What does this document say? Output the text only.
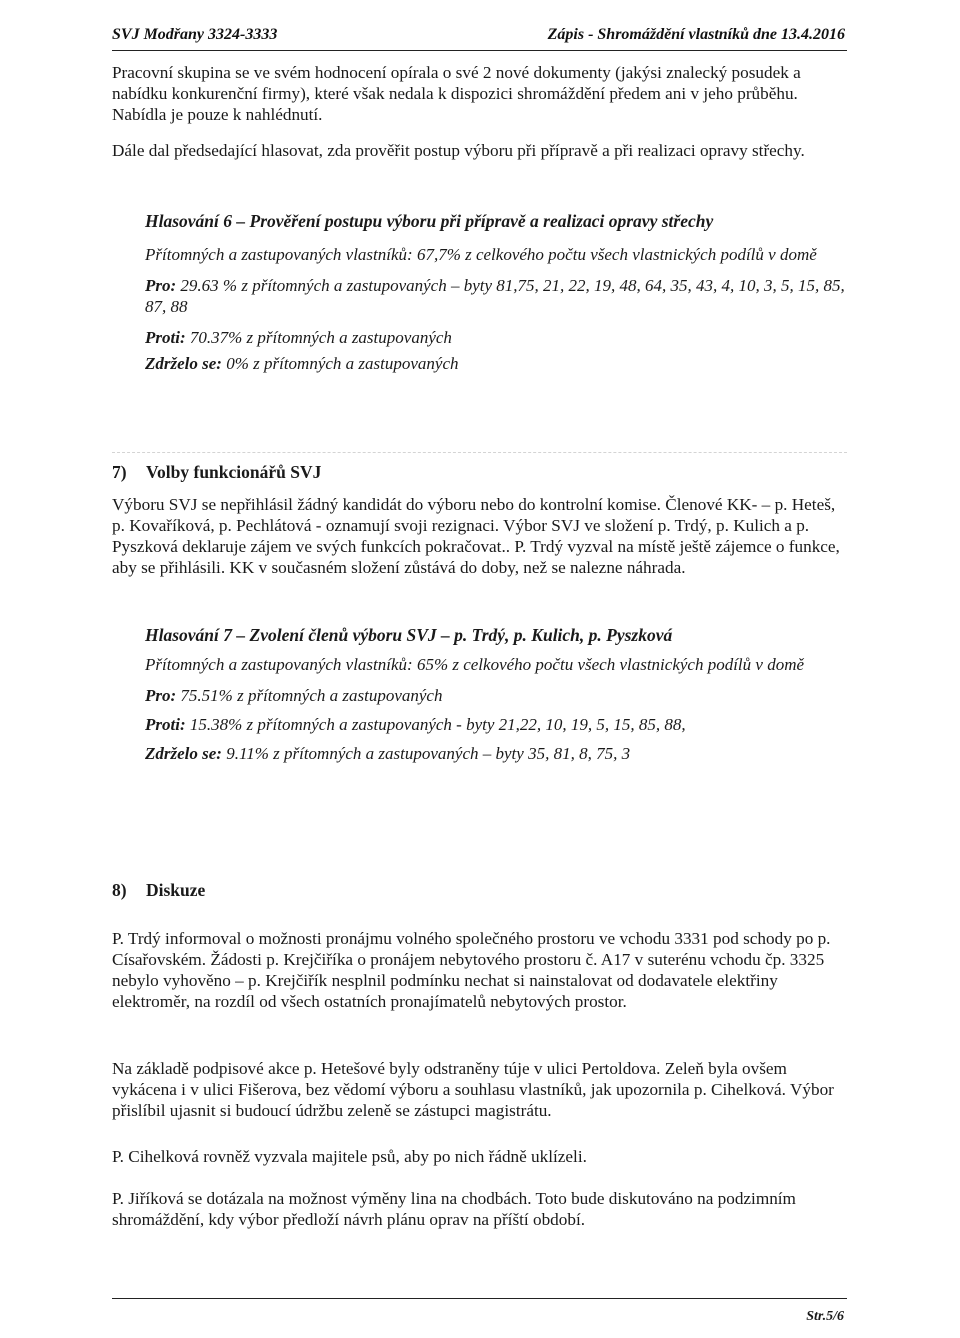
SVJ Modřany 3324-3333	Zápis - Shromáždění vlastníků dne 13.4.2016

Pracovní skupina se ve svém hodnocení opírala o své 2 nové dokumenty (jakýsi znalecký posudek a nabídku konkurenční firmy), které však nedala k dispozici shromáždění předem ani v jeho průběhu. Nabídla je pouze k nahlédnutí.

Dále dal předsedající hlasovat, zda prověřit postup výboru při přípravě a při realizaci opravy střechy.

Hlasování 6 – Prověření postupu výboru při přípravě a realizaci opravy střechy

Přítomných a zastupovaných vlastníků: 67,7% z celkového počtu všech vlastnických podílů v domě

Pro: 29.63 % z přítomných a zastupovaných – byty 81,75, 21, 22, 19, 48, 64, 35, 43, 4, 10, 3, 5, 15, 85, 87, 88

Proti: 70.37% z přítomných a zastupovaných

Zdrželo se: 0% z přítomných a zastupovaných

7) Volby funkcionářů SVJ

Výboru SVJ se nepřihlásil žádný kandidát do výboru nebo do kontrolní komise. Členové KK- – p. Heteš, p. Kovaříková, p. Pechlátová - oznamují svoji rezignaci. Výbor SVJ ve složení p. Trdý, p. Kulich a p. Pyszková deklaruje zájem ve svých funkcích pokračovat.. P. Trdý vyzval na místě ještě zájemce o funkce, aby se přihlásili. KK v současném složení zůstává do doby, než se nalezne náhrada.

Hlasování 7 – Zvolení členů výboru SVJ – p. Trdý, p. Kulich, p. Pyszková

Přítomných a zastupovaných vlastníků: 65% z celkového počtu všech vlastnických podílů v domě

Pro: 75.51% z přítomných a zastupovaných

Proti: 15.38% z přítomných a zastupovaných - byty 21,22, 10, 19, 5, 15, 85, 88,

Zdrželo se: 9.11% z přítomných a zastupovaných – byty 35, 81, 8, 75, 3

8) Diskuze

P. Trdý informoval o možnosti pronájmu volného společného prostoru ve vchodu 3331 pod schody po p. Císařovském. Žádosti p. Krejčiříka o pronájem nebytového prostoru č. A17 v suterénu vchodu čp. 3325 nebylo vyhověno – p. Krejčiřík nesplnil podmínku nechat si nainstalovat od dodavatele elektřiny elektroměr, na rozdíl od všech ostatních pronajímatelů nebytových prostor.

Na základě podpisové akce p. Hetešové byly odstraněny túje v ulici Pertoldova. Zeleň byla ovšem vykácena i v ulici Fišerova, bez vědomí výboru a souhlasu vlastníků, jak upozornila p. Cihelková. Výbor přislíbil ujasnit si budoucí údržbu zeleně se zástupci magistrátu.

P. Cihelková rovněž vyzvala majitele psů, aby po nich řádně uklízeli.

P. Jiříková se dotázala na možnost výměny lina na chodbách. Toto bude diskutováno na podzimním shromáždění, kdy výbor předloží návrh plánu oprav na příští období.

Str.5/6
